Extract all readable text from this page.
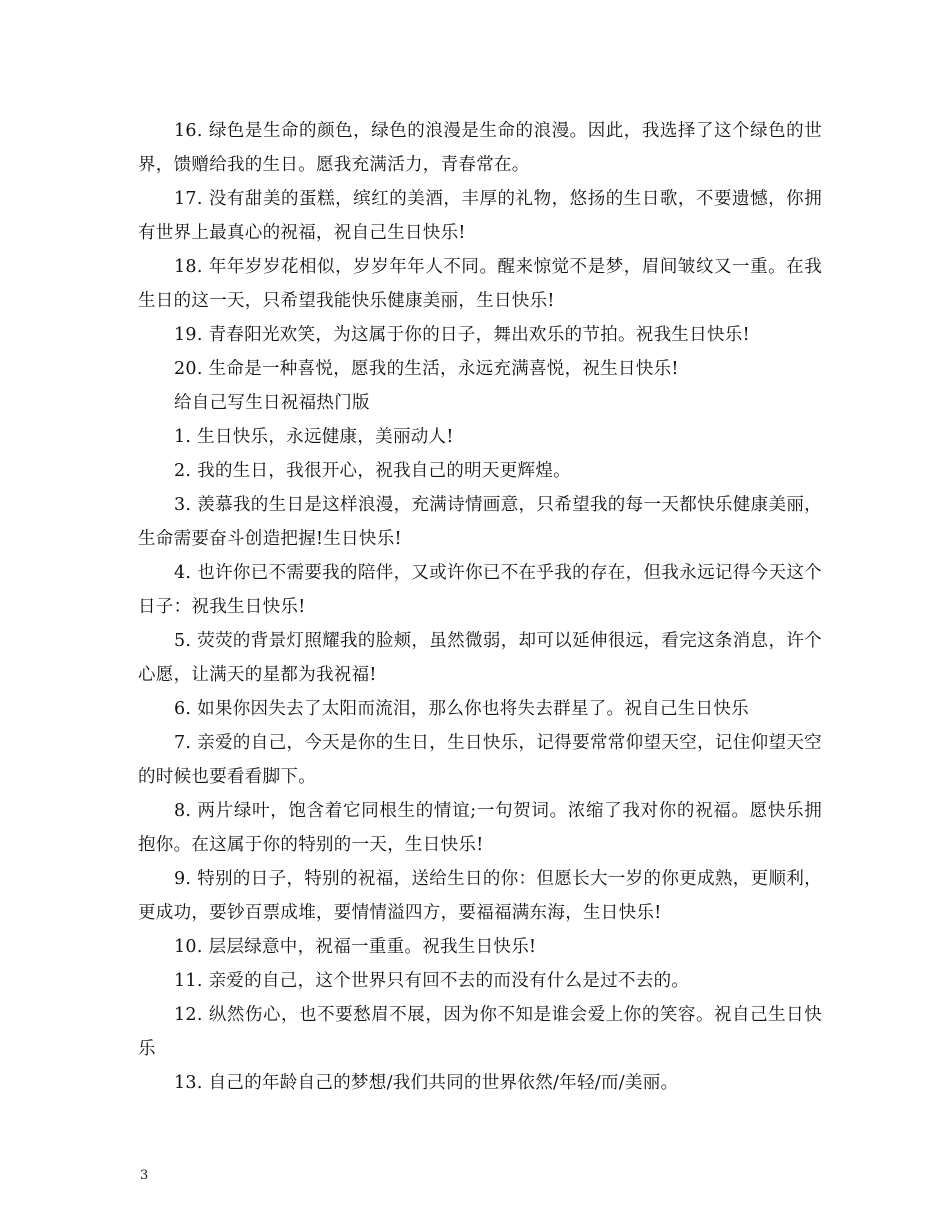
16. 绿色是生命的颜色，绿色的浪漫是生命的浪漫。因此，我选择了这个绿色的世界，馈赠给我的生日。愿我充满活力，青春常在。

17. 没有甜美的蛋糕，缤红的美酒，丰厚的礼物，悠扬的生日歌，不要遗憾，你拥有世界上最真心的祝福，祝自己生日快乐!

18. 年年岁岁花相似，岁岁年年人不同。醒来惊觉不是梦，眉间皱纹又一重。在我生日的这一天，只希望我能快乐健康美丽，生日快乐!

19. 青春阳光欢笑，为这属于你的日子，舞出欢乐的节拍。祝我生日快乐!

20. 生命是一种喜悦，愿我的生活，永远充满喜悦，祝生日快乐!

给自己写生日祝福热门版

1. 生日快乐，永远健康，美丽动人!

2. 我的生日，我很开心，祝我自己的明天更辉煌。

3. 羡慕我的生日是这样浪漫，充满诗情画意，只希望我的每一天都快乐健康美丽，生命需要奋斗创造把握!生日快乐!

4. 也许你已不需要我的陪伴，又或许你已不在乎我的存在，但我永远记得今天这个日子：祝我生日快乐!

5. 荧荧的背景灯照耀我的脸颊，虽然微弱，却可以延伸很远，看完这条消息，许个心愿，让满天的星都为我祝福!

6. 如果你因失去了太阳而流泪，那么你也将失去群星了。祝自己生日快乐

7. 亲爱的自己，今天是你的生日，生日快乐，记得要常常仰望天空，记住仰望天空的时候也要看看脚下。

8. 两片绿叶，饱含着它同根生的情谊;一句贺词。浓缩了我对你的祝福。愿快乐拥抱你。在这属于你的特别的一天，生日快乐!

9. 特别的日子，特别的祝福，送给生日的你：但愿长大一岁的你更成熟，更顺利，更成功，要钞百票成堆，要情情溢四方，要福福满东海，生日快乐!

10. 层层绿意中，祝福一重重。祝我生日快乐!

11. 亲爱的自己，这个世界只有回不去的而没有什么是过不去的。

12. 纵然伤心，也不要愁眉不展，因为你不知是谁会爱上你的笑容。祝自己生日快乐

13. 自己的年龄自己的梦想/我们共同的世界依然/年轻/而/美丽。

3
